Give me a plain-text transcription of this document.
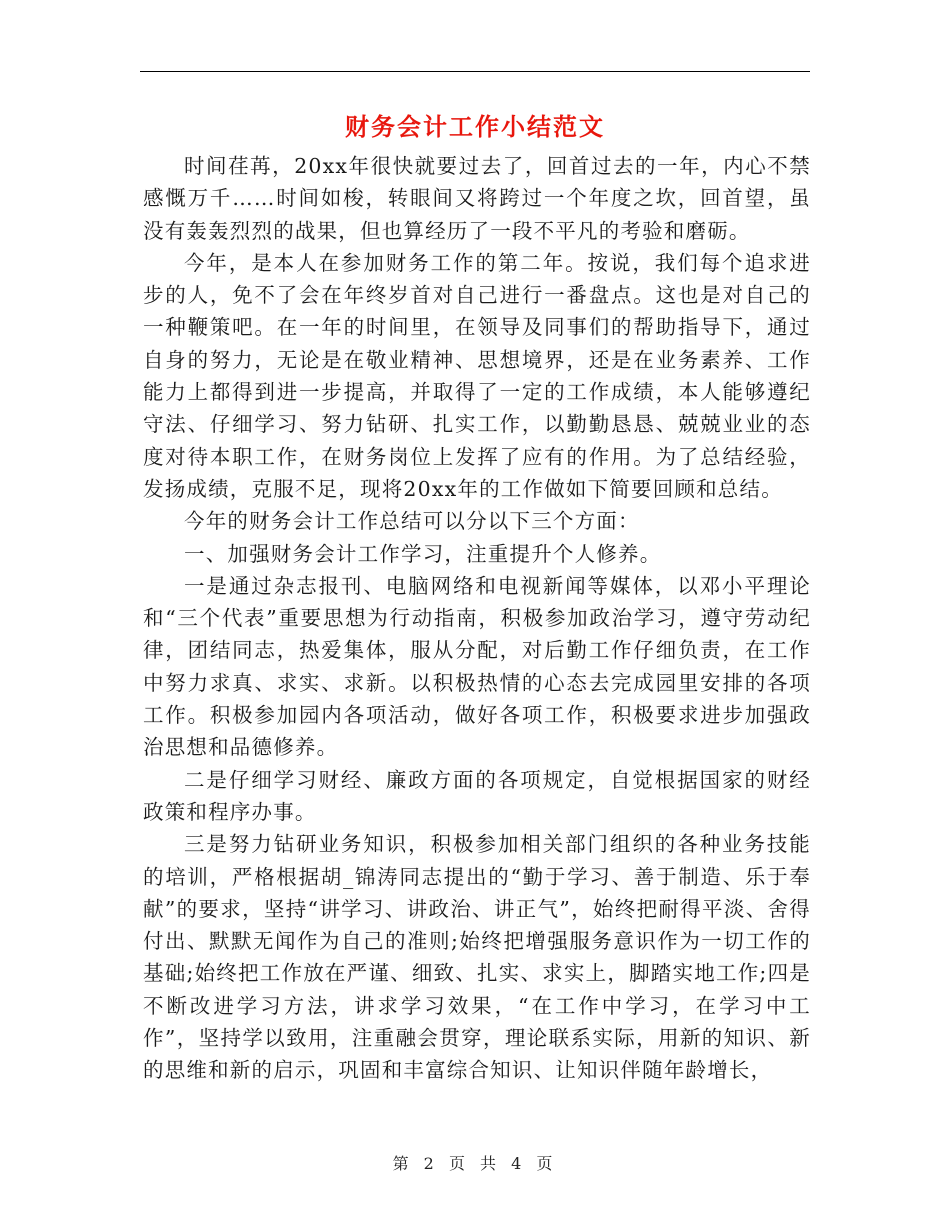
财务会计工作小结范文

时间荏苒，20xx年很快就要过去了，回首过去的一年，内心不禁感慨万千……时间如梭，转眼间又将跨过一个年度之坎，回首望，虽没有轰轰烈烈的战果，但也算经历了一段不平凡的考验和磨砺。

今年，是本人在参加财务工作的第二年。按说，我们每个追求进步的人，免不了会在年终岁首对自己进行一番盘点。这也是对自己的一种鞭策吧。在一年的时间里，在领导及同事们的帮助指导下，通过自身的努力，无论是在敬业精神、思想境界，还是在业务素养、工作能力上都得到进一步提高，并取得了一定的工作成绩，本人能够遵纪守法、仔细学习、努力钻研、扎实工作，以勤勤恳恳、兢兢业业的态度对待本职工作，在财务岗位上发挥了应有的作用。为了总结经验，发扬成绩，克服不足，现将20xx年的工作做如下简要回顾和总结。

今年的财务会计工作总结可以分以下三个方面：

一、加强财务会计工作学习，注重提升个人修养。

一是通过杂志报刊、电脑网络和电视新闻等媒体，以邓小平理论和“三个代表”重要思想为行动指南，积极参加政治学习，遵守劳动纪律，团结同志，热爱集体，服从分配，对后勤工作仔细负责，在工作中努力求真、求实、求新。以积极热情的心态去完成园里安排的各项工作。积极参加园内各项活动，做好各项工作，积极要求进步加强政治思想和品德修养。

二是仔细学习财经、廉政方面的各项规定，自觉根据国家的财经政策和程序办事。

三是努力钻研业务知识，积极参加相关部门组织的各种业务技能的培训，严格根据胡_锦涛同志提出的“勤于学习、善于制造、乐于奉献”的要求，坚持“讲学习、讲政治、讲正气”，始终把耐得平淡、舍得付出、默默无闻作为自己的准则;始终把增强服务意识作为一切工作的基础;始终把工作放在严谨、细致、扎实、求实上，脚踏实地工作;四是不断改进学习方法，讲求学习效果，“在工作中学习，在学习中工作”，坚持学以致用，注重融会贯穿，理论联系实际，用新的知识、新的思维和新的启示，巩固和丰富综合知识、让知识伴随年龄增长，

第 2 页 共 4 页
